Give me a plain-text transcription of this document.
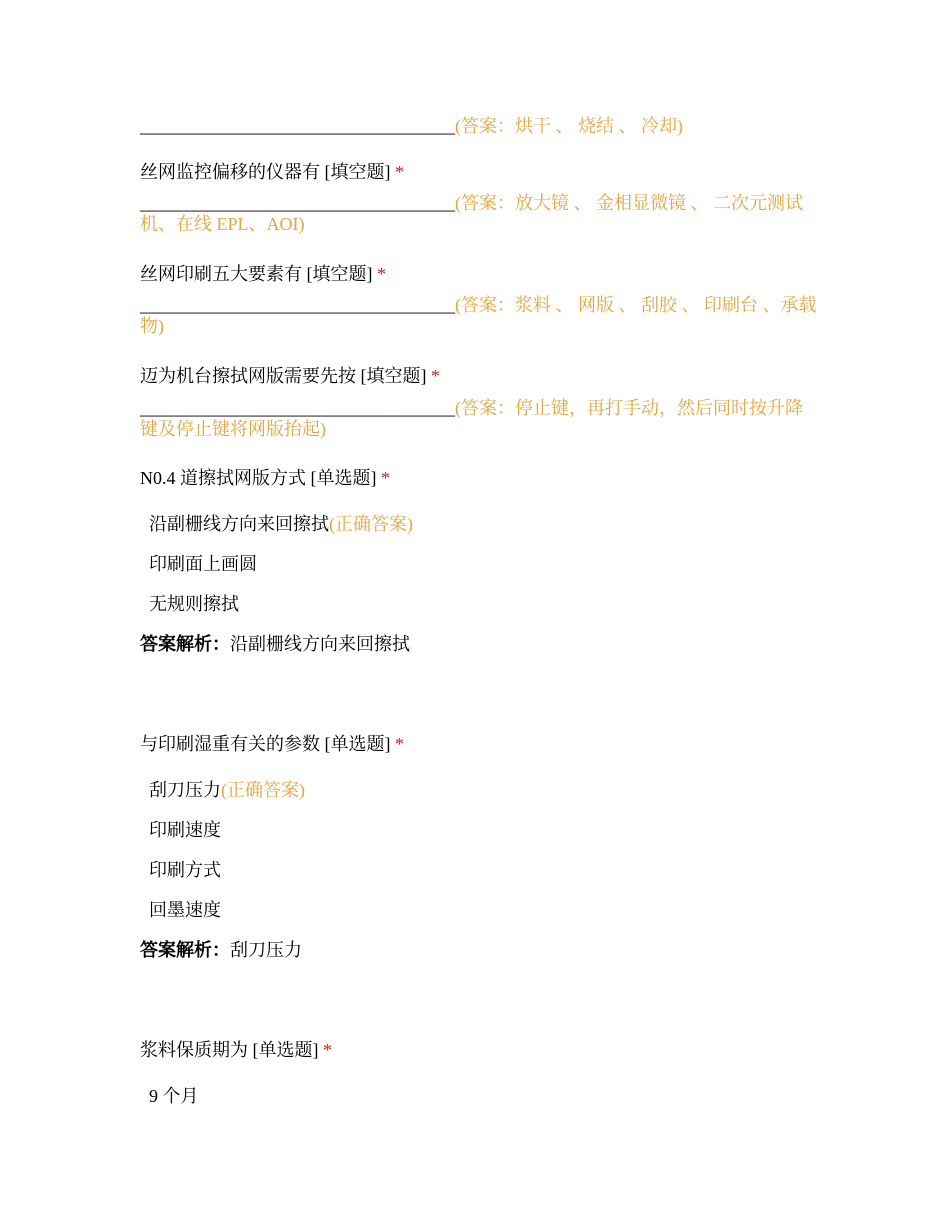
___________________________________(答案：烘干 、 烧结 、 冷却)
丝网监控偏移的仪器有 [填空题] *
___________________________________(答案：放大镜 、 金相显微镜 、 二次元测试机、在线 EPL、AOI)
丝网印刷五大要素有 [填空题] *
___________________________________(答案：浆料 、 网版 、 刮胶 、 印刷台 、承载物)
迈为机台擦拭网版需要先按 [填空题] *
___________________________________(答案：停止键，再打手动，然后同时按升降键及停止键将网版抬起)
N0.4 道擦拭网版方式 [单选题] *
沿副栅线方向来回擦拭(正确答案)
印刷面上画圆
无规则擦拭
答案解析：沿副栅线方向来回擦拭
与印刷湿重有关的参数 [单选题] *
刮刀压力(正确答案)
印刷速度
印刷方式
回墨速度
答案解析：刮刀压力
浆料保质期为 [单选题] *
9 个月
